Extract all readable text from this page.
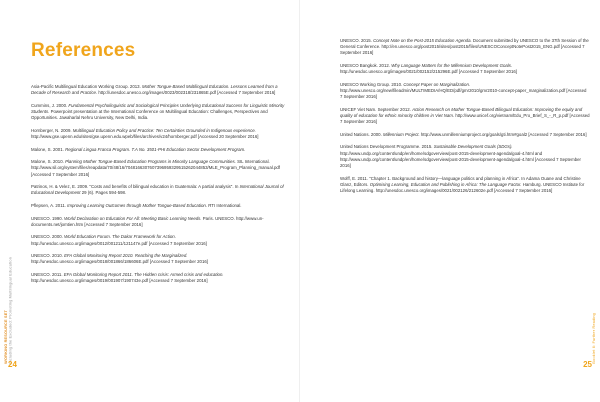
References

Asia-Pacific Multilingual Education Working Group. 2013. Mother Tongue-Based Multilingual Education. Lessons Learned from a Decade of Research and Practice. http://unesdoc.unesco.org/images/0023/002318/231865E.pdf [Accessed 7 September 2016]

Cummins, J. 2000. Fundamental Psycholinguistic and Sociological Principles Underlying Educational Success for Linguistic Minority Students. Powerpoint presentation at the International Conference on Multilingual Education: Challenges, Perspectives and Opportunities. Jawaharlal Nehru University, New Delhi, India.

Hornberger, N. 2009. Multilingual Education Policy and Practice: Ten Certainties Grounded in Indigenous experience. http://www.gse.upenn.edu/sites/gse.upenn.edu.wpeb/files/archives/v24/hornberger.pdf [Accessed 20 September 2016]

Malone, S. 2001. Regional Lingua Franca Program. T.A No. 3501-PHI Education Sector Development Program.

Malone, S. 2010. Planning Mother Tongue-Based Education Programs in Minority Language Communities. SIL International. http://www.sil.org/system/files/reapdata/70/48/16/7048166307607396959329515262044853/MLE_Program_Planning_manual.pdf [Accessed 7 September 2016]

Patrinos, H. & Velez, E. 2009. "Costs and benefits of bilingual education in Guatemala: A partial analysis". In International Journal of Educational Development 29 (6). Pages 594-598.

Pflepsen, A. 2011. Improving Learning Outcomes through Mother Tongue-Based Education. RTI International.

UNESCO. 1990. World Declaration on Education For All: Meeting Basic Learning Needs. Paris. UNESCO. http://www.un-documents.net/jomtien.htm [Accessed 7 September 2016]

UNESCO. 2000. World Education Forum. The Dakar Framework for Action. http://unesdoc.unesco.org/images/0012/001211/121147e.pdf [Accessed 7 September 2016]

UNESCO. 2010. EFA Global Monitoring Report 2010. Reaching the Marginalized. http://unesdoc.unesco.org/images/0018/001866/186606E.pdf [Accessed 7 September 2016]

UNESCO. 2011. EFA Global Monitoring Report 2011. The Hidden crisis: Armed crisis and education. http://unesdoc.unesco.org/images/0019/001907/190743e.pdf [Accessed 7 September 2016]

WORKING RESOURCE SET
Including the Excluded: Promoting Multilingual Education
24

UNESCO. 2015. Concept Note on the Post-2015 Education Agenda. Document submitted by UNESCO to the 37th Session of the General Conference. http://en.unesco.org/post2015/sites/post2015/files/UNESCOConceptNotePost2015_ENG.pdf [Accessed 7 September 2016]

UNESCO Bangkok. 2012. Why Language Matters for the Millennium Development Goals. http://unesdoc.unesco.org/images/0021/002152/215296E.pdf [Accessed 7 September 2016]

UNESCO Working Group. 2010. Concept Paper on Marginalization. http://www.unesco.org/new/fileadmin/MULTIMEDIA/HQ/ED/pdf/gmr2010/gmr2010-concept-paper_marginalization.pdf [Accessed 7 September 2016]

UNICEF Viet Nam. September 2012. Action Research on Mother Tongue-Based Bilingual Education: Improving the equity and quality of education for ethnic minority children in Viet Nam. http://www.unicef.org/vietnam/Edu_Pro_Brief_S_-_R_p.pdf [Accessed 7 September 2016]

United Nations. 2000. Millennium Project. http://www.unmillenniumproject.org/goals/gti.htm#goal2 [Accessed 7 September 2016]

United Nations Development Programme. 2015. Sustainable Development Goals (SDGs). http://www.undp.org/content/undp/en/home/sdgoverview/post-2015-development-agenda/goal-4.html and http://www.undp.org/content/undp/en/home/sdgoverview/post-2015-development-agenda/goal-4.html [Accessed 7 September 2016]

Wolff, E. 2011. "Chapter 1. Background and history—language politics and planning in Africa". In Adama Ouane and Christine Glanz, Editors. Optimising Learning, Education and Publishing in Africa: The Language Factor. Hamburg. UNESCO Institute for Lifelong Learning. http://unesdoc.unesco.org/images/0021/002126/212602e.pdf [Accessed 7 September 2016]

Booklet 6: Further Reading
25
